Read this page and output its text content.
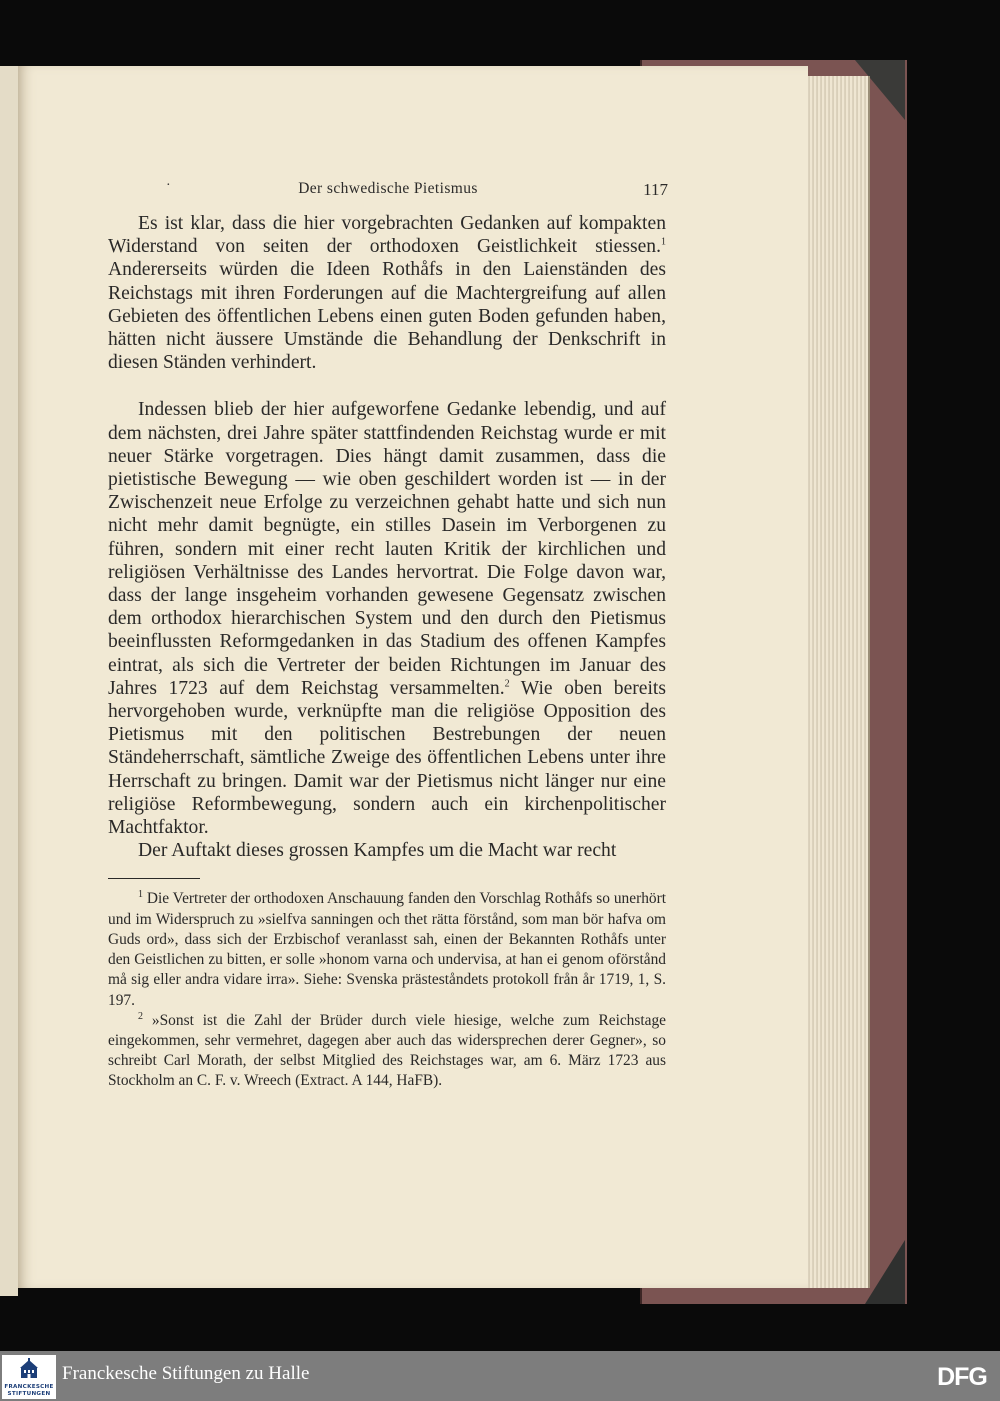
·	Der schwedische Pietismus	117

Es ist klar, dass die hier vorgebrachten Gedanken auf kompakten Widerstand von seiten der orthodoxen Geistlichkeit stiessen.$^1$ Andererseits würden die Ideen Rothåfs in den Laienständen des Reichstags mit ihren Forderungen auf die Machtergreifung auf allen Gebieten des öffentlichen Lebens einen guten Boden gefunden haben, hätten nicht äussere Umstände die Behandlung der Denkschrift in diesen Ständen verhindert.

Indessen blieb der hier aufgeworfene Gedanke lebendig, und auf dem nächsten, drei Jahre später stattfindenden Reichstag wurde er mit neuer Stärke vorgetragen. Dies hängt damit zusammen, dass die pietistische Bewegung — wie oben geschildert worden ist — in der Zwischenzeit neue Erfolge zu verzeichnen gehabt hatte und sich nun nicht mehr damit begnügte, ein stilles Dasein im Verborgenen zu führen, sondern mit einer recht lauten Kritik der kirchlichen und religiösen Verhältnisse des Landes hervortrat. Die Folge davon war, dass der lange insgeheim vorhanden gewesene Gegensatz zwischen dem orthodox hierarchischen System und den durch den Pietismus beeinflussten Reformgedanken in das Stadium des offenen Kampfes eintrat, als sich die Vertreter der beiden Richtungen im Januar des Jahres 1723 auf dem Reichstag versammelten.$^2$ Wie oben bereits hervorgehoben wurde, verknüpfte man die religiöse Opposition des Pietismus mit den politischen Bestrebungen der neuen Ständeherrschaft, sämtliche Zweige des öffentlichen Lebens unter ihre Herrschaft zu bringen. Damit war der Pietismus nicht länger nur eine religiöse Reformbewegung, sondern auch ein kirchenpolitischer Machtfaktor.

Der Auftakt dieses grossen Kampfes um die Macht war recht

$^1$ Die Vertreter der orthodoxen Anschauung fanden den Vorschlag Rothåfs so unerhört und im Widerspruch zu »sielfva sanningen och thet rätta förstånd, som man bör hafva om Guds ord», dass sich der Erzbischof veranlasst sah, einen der Bekannten Rothåfs unter den Geistlichen zu bitten, er solle »honom varna och undervisa, at han ei genom oförstånd må sig eller andra vidare irra». Siehe: Svenska prästeståndets protokoll från år 1719, 1, S. 197.

$^2$ »Sonst ist die Zahl der Brüder durch viele hiesige, welche zum Reichstage eingekommen, sehr vermehret, dagegen aber auch das widersprechen derer Gegner», so schreibt Carl Morath, der selbst Mitglied des Reichstages war, am 6. März 1723 aus Stockholm an C. F. v. Wreech (Extract. A 144, HaFB).

FRANCKESCHE
STIFTUNGEN
Franckesche Stiftungen zu Halle	DFG
